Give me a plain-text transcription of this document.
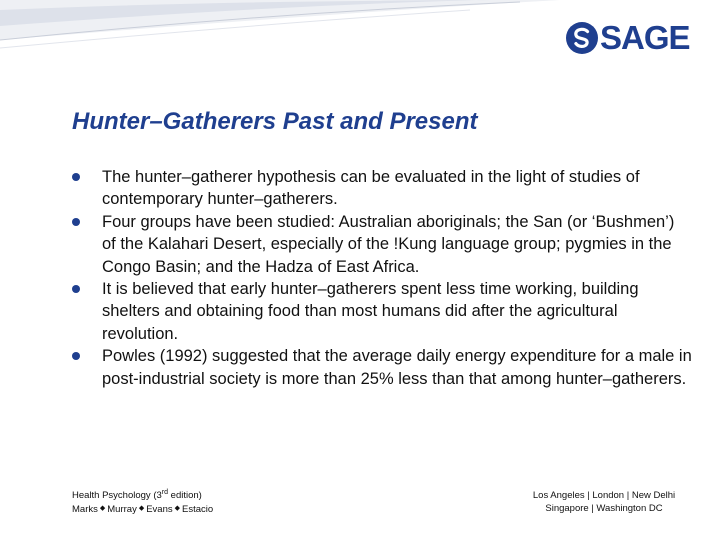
SAGE
Hunter–Gatherers Past and Present
The hunter–gatherer hypothesis can be evaluated in the light of studies of contemporary hunter–gatherers.
Four groups have been studied: Australian aboriginals; the San (or ‘Bushmen’) of the Kalahari Desert, especially of the !Kung language group; pygmies in the Congo Basin; and the Hadza of East Africa.
It is believed that early hunter–gatherers spent less time working, building shelters and obtaining food than most humans did after the agricultural revolution.
Powles (1992) suggested that the average daily energy expenditure for a male in post-industrial society is more than 25% less than that among hunter–gatherers.
Health Psychology (3rd edition)
Marks ◆ Murray ◆ Evans ◆ Estacio
Los Angeles | London | New Delhi
Singapore | Washington DC
